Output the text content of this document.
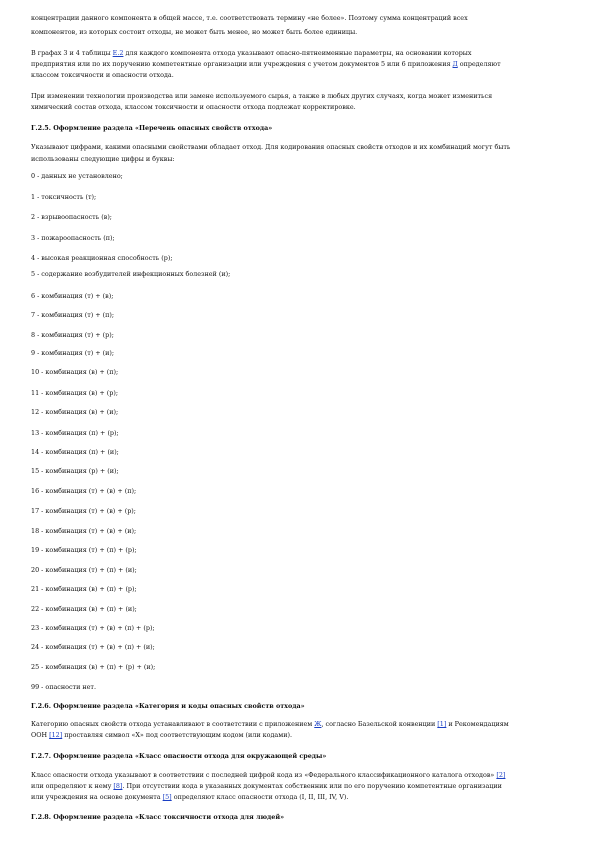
концентрации данного компонента в общей массе, т.е. соответствовать термину «не более». Поэтому сумма концентраций всех
компонентов, из которых состоит отходы, не может быть менее, но может быть более единицы.
В графах 3 и 4 таблицы Е.2 для каждого компонента отхода указывают опасно-пятнеименные параметры, на основании которых
предприятия или по их поручению компетентные организации или учреждения с учетом документов 5 или 6 приложения Д определяют
классом токсичности и опасности отхода.
При изменении технологии производства или замене используемого сырья, а также в любых других случаях, когда может измениться
химический состав отхода, классом токсичности и опасности отхода подлежат корректировке.
Г.2.5. Оформление раздела «Перечень опасных свойств отхода»
Указывают цифрами, какими опасными свойствами обладает отход. Для кодирования опасных свойств отходов и их комбинаций могут быть
использованы следующие цифры и буквы:
0 - данных не установлено;
1 - токсичность (т);
2 - взрывоопасность (в);
3 - пожароопасность (п);
4 - высокая реакционная способность (р);
5 - содержание возбудителей инфекционных болезней (и);
6 - комбинация (т) + (в);
7 - комбинация (т) + (п);
8 - комбинация (т) + (р);
9 - комбинация (т) + (и);
10 - комбинация (в) + (п);
11 - комбинация (в) + (р);
12 - комбинация (в) + (и);
13 - комбинация (п) + (р);
14 - комбинация (п) + (и);
15 - комбинация (р) + (и);
16 - комбинация (т) + (в) + (п);
17 - комбинация (т) + (в) + (р);
18 - комбинация (т) + (в) + (и);
19 - комбинация (т) + (п) + (р);
20 - комбинация (т) + (п) + (и);
21 - комбинация (в) + (п) + (р);
22 - комбинация (в) + (п) + (и);
23 - комбинация (т) + (в) + (п) + (р);
24 - комбинация (т) + (в) + (п) + (и);
25 - комбинация (в) + (п) + (р) + (и);
99 - опасности нет.
Г.2.6. Оформление раздела «Категория и коды опасных свойств отхода»
Категорию опасных свойств отхода устанавливают в соответствии с приложением Ж, согласно Базельской конвенции [1] и Рекомендациям
ООН [12] проставляя символ «Х» под соответствующим кодом (или кодами).
Г.2.7. Оформление раздела «Класс опасности отхода для окружающей среды»
Класс опасности отхода указывают в соответствии с последней цифрой кода из «Федерального классификационного каталога отходов» [2]
или определяют к нему [8]. При отсутствии кода в указанных документах собственник или по его поручению компетентные организации
или учреждения на основе документа [5] определяют класс опасности отхода (I, II, III, IV, V).
Г.2.8. Оформление раздела «Класс токсичности отхода для людей»
